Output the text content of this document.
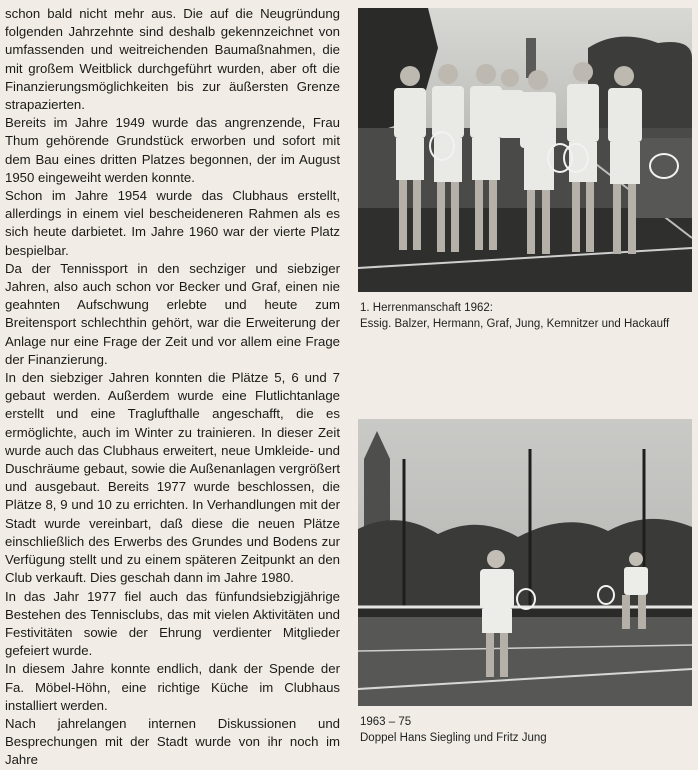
schon bald nicht mehr aus. Die auf die Neugründung folgenden Jahrzehnte sind deshalb gekennzeichnet von umfassenden und weitreichenden Baumaßnahmen, die mit großem Weitblick durchgeführt wurden, aber oft die Finanzierungsmöglichkeiten bis zur äußersten Grenze strapazierten.

Bereits im Jahre 1949 wurde das angrenzende, Frau Thum gehörende Grundstück erworben und sofort mit dem Bau eines dritten Platzes begonnen, der im August 1950 eingeweiht werden konnte.

Schon im Jahre 1954 wurde das Clubhaus erstellt, allerdings in einem viel bescheideneren Rahmen als es sich heute darbietet. Im Jahre 1960 war der vierte Platz bespielbar.

Da der Tennissport in den sechziger und siebziger Jahren, also auch schon vor Becker und Graf, einen nie geahnten Aufschwung erlebte und heute zum Breitensport schlechthin gehört, war die Erweiterung der Anlage nur eine Frage der Zeit und vor allem eine Frage der Finanzierung.

In den siebziger Jahren konnten die Plätze 5, 6 und 7 gebaut werden. Außerdem wurde eine Flutlichtanlage erstellt und eine Traglufthalle angeschafft, die es ermöglichte, auch im Winter zu trainieren. In dieser Zeit wurde auch das Clubhaus erweitert, neue Umkleide- und Duschräume gebaut, sowie die Außenanlagen vergrößert und ausgebaut. Bereits 1977 wurde beschlossen, die Plätze 8, 9 und 10 zu errichten. In Verhandlungen mit der Stadt wurde vereinbart, daß diese die neuen Plätze einschließlich des Erwerbs des Grundes und Bodens zur Verfügung stellt und zu einem späteren Zeitpunkt an den Club verkauft. Dies geschah dann im Jahre 1980.

In das Jahr 1977 fiel auch das fünfundsiebzigjährige Bestehen des Tennisclubs, das mit vielen Aktivitäten und Festivitäten sowie der Ehrung verdienter Mitglieder gefeiert wurde.

In diesem Jahre konnte endlich, dank der Spende der Fa. Möbel-Höhn, eine richtige Küche im Clubhaus installiert werden.

Nach jahrelangen internen Diskussionen und Besprechungen mit der Stadt wurde von ihr noch im Jahre

1. Herrenmanschaft 1962:
Essig. Balzer, Hermann, Graf, Jung, Kemnitzer und Hackauff
1963 – 75
Doppel Hans Siegling und Fritz Jung
